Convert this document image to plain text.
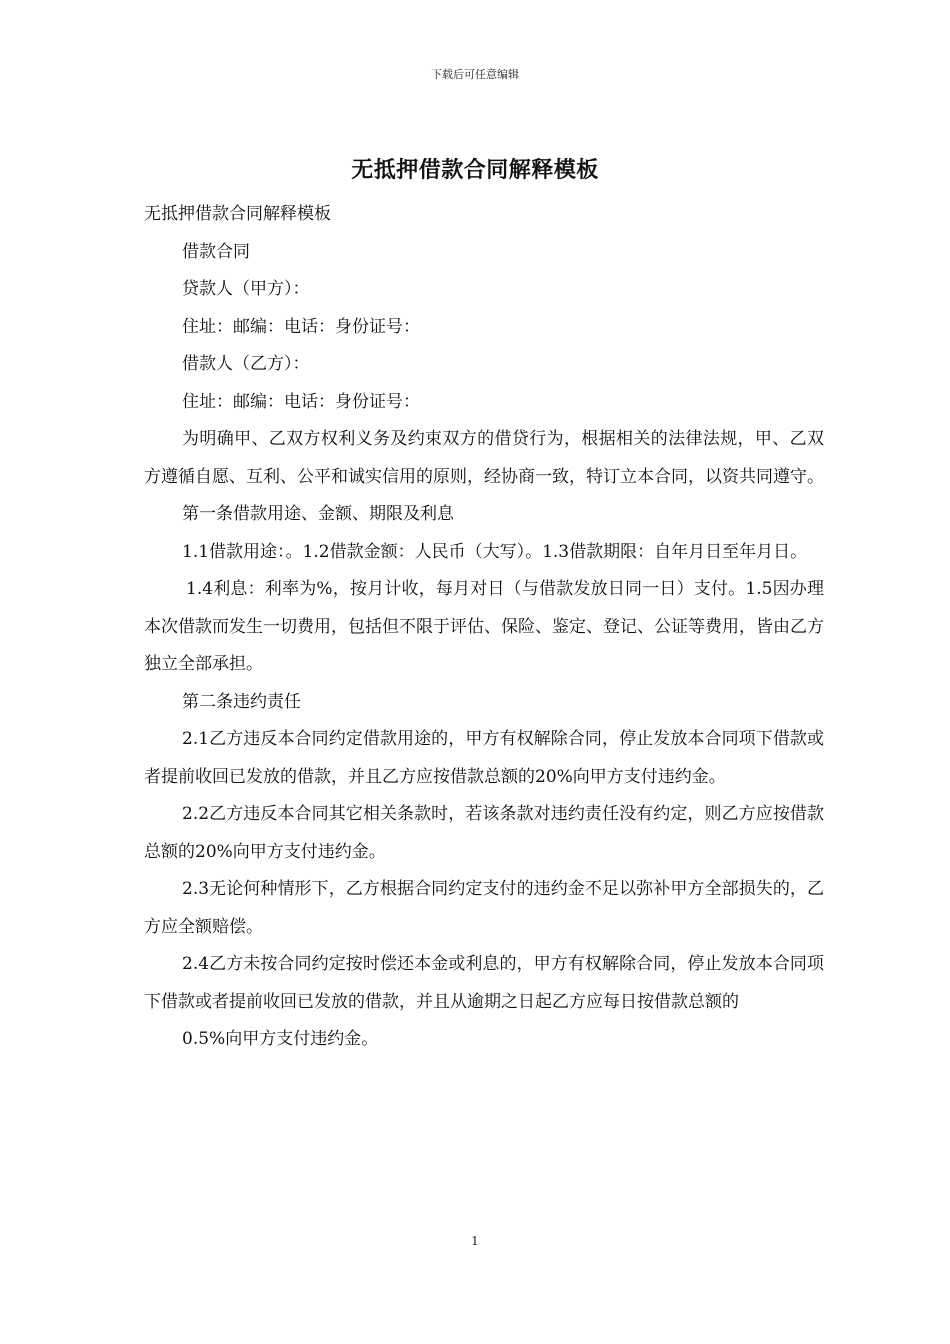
下载后可任意编辑
无抵押借款合同解释模板

无抵押借款合同解释模板

借款合同

贷款人（甲方）：

住址：邮编：电话：身份证号：

借款人（乙方）：

住址：邮编：电话：身份证号：

为明确甲、乙双方权利义务及约束双方的借贷行为，根据相关的法律法规，甲、乙双方遵循自愿、互利、公平和诚实信用的原则，经协商一致，特订立本合同，以资共同遵守。

第一条借款用途、金额、期限及利息

1.1借款用途：。1.2借款金额：人民币（大写）。1.3借款期限：自年月日至年月日。

1.4利息：利率为%，按月计收，每月对日（与借款发放日同一日）支付。1.5因办理本次借款而发生一切费用，包括但不限于评估、保险、鉴定、登记、公证等费用，皆由乙方独立全部承担。

第二条违约责任

2.1乙方违反本合同约定借款用途的，甲方有权解除合同，停止发放本合同项下借款或者提前收回已发放的借款，并且乙方应按借款总额的20%向甲方支付违约金。

2.2乙方违反本合同其它相关条款时，若该条款对违约责任没有约定，则乙方应按借款总额的20%向甲方支付违约金。

2.3无论何种情形下，乙方根据合同约定支付的违约金不足以弥补甲方全部损失的，乙方应全额赔偿。

2.4乙方未按合同约定按时偿还本金或利息的，甲方有权解除合同，停止发放本合同项下借款或者提前收回已发放的借款，并且从逾期之日起乙方应每日按借款总额的

0.5%向甲方支付违约金。

1
